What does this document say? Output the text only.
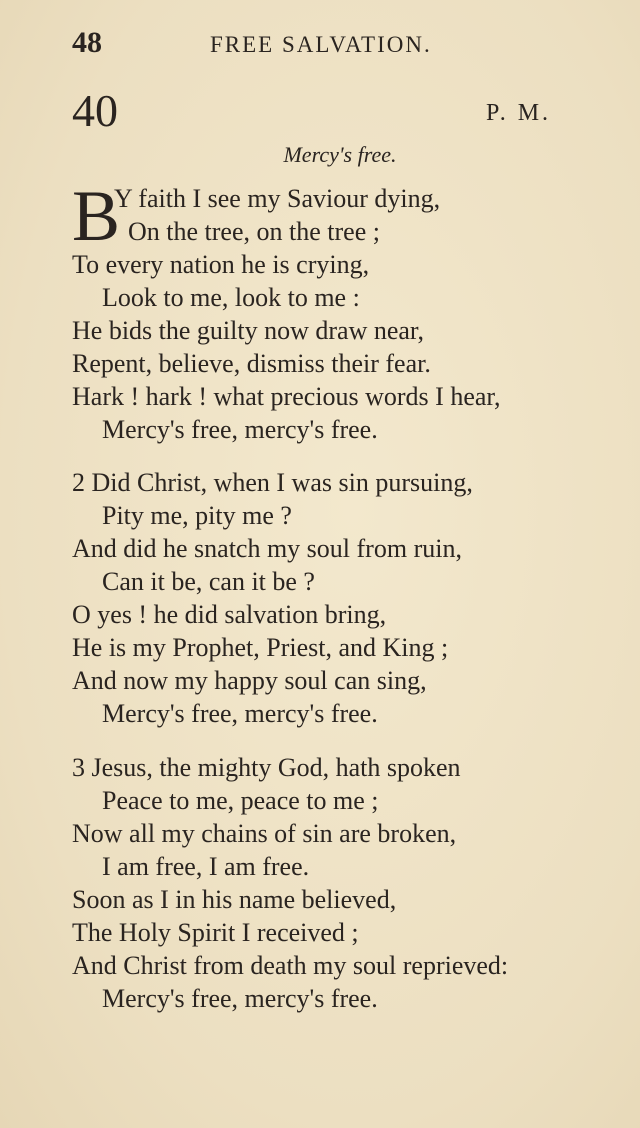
48	FREE SALVATION.
40	P. M.
Mercy's free.
B
Y faith I see my Saviour dying,
On the tree, on the tree ;
To every nation he is crying,
Look to me, look to me :
He bids the guilty now draw near,
Repent, believe, dismiss their fear.
Hark ! hark ! what precious words I hear,
Mercy's free, mercy's free.
2 Did Christ, when I was sin pursuing,
Pity me, pity me ?
And did he snatch my soul from ruin,
Can it be, can it be ?
O yes ! he did salvation bring,
He is my Prophet, Priest, and King ;
And now my happy soul can sing,
Mercy's free, mercy's free.
3 Jesus, the mighty God, hath spoken
Peace to me, peace to me ;
Now all my chains of sin are broken,
I am free, I am free.
Soon as I in his name believed,
The Holy Spirit I received ;
And Christ from death my soul reprieved:
Mercy's free, mercy's free.
